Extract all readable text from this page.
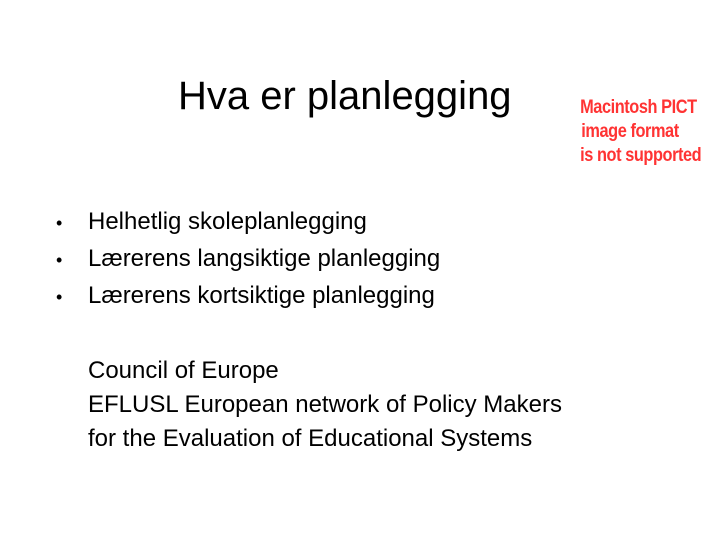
Hva er planlegging	Macintosh PICT
image format
is not supported
• Helhetlig skoleplanlegging
• Lærerens langsiktige planlegging
• Lærerens kortsiktige planlegging
Council of Europe
EFLUSL European network of Policy Makers
for the Evaluation of Educational Systems
